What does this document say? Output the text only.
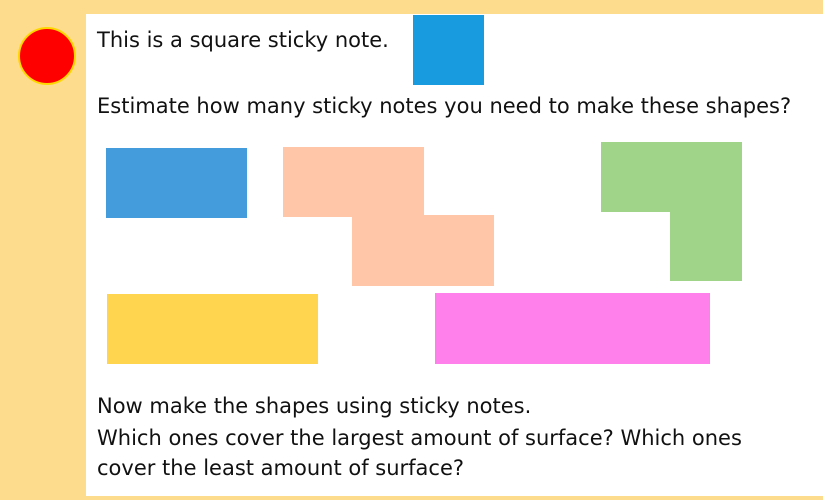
This is a square sticky note.
Estimate how many sticky notes you need to make these shapes?
Now make the shapes using sticky notes.
Which ones cover the largest amount of surface? Which ones
cover the least amount of surface?
